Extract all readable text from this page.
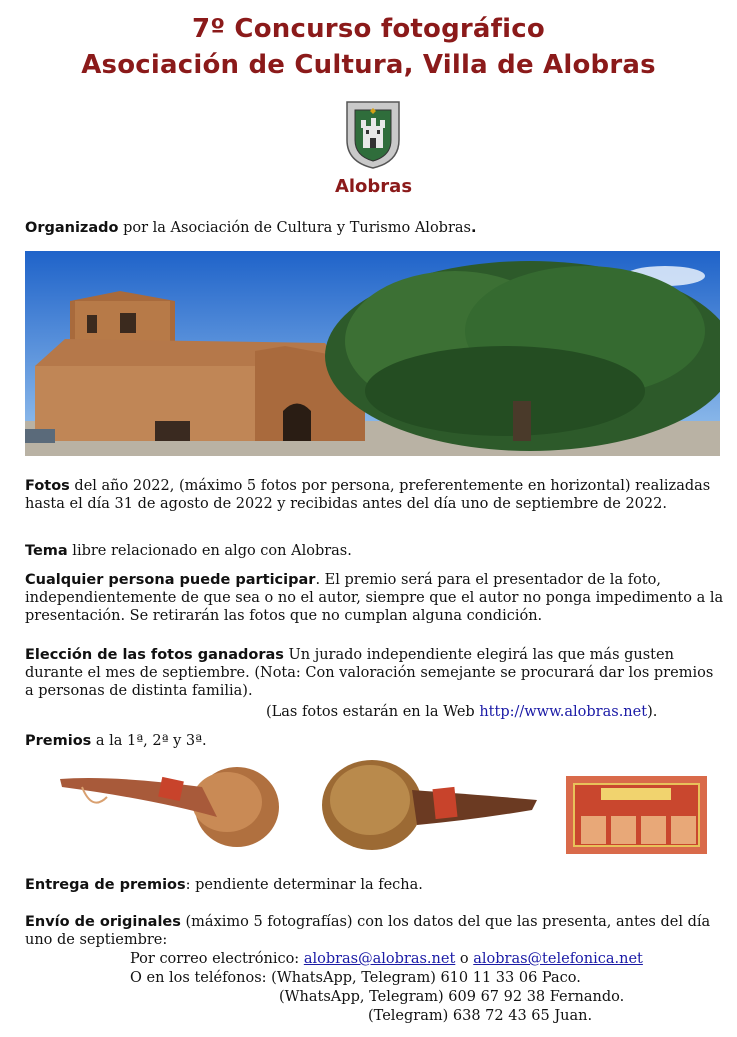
7º Concurso fotográfico
Asociación de Cultura, Villa de Alobras
Alobras
Organizado por la Asociación de Cultura y Turismo Alobras.
Fotos del año 2022, (máximo 5 fotos por persona, preferentemente en horizontal) realizadas hasta el día 31 de agosto de 2022 y recibidas antes del día uno de septiembre de 2022.
Tema libre relacionado en algo con Alobras.
Cualquier persona puede participar. El premio será para el presentador de la foto, independientemente de que sea o no el autor, siempre que el autor no ponga impedimento a la presentación. Se retirarán las fotos que no cumplan alguna condición.
Elección de las fotos ganadoras Un jurado independiente elegirá las que más gusten durante el mes de septiembre. (Nota: Con valoración semejante se procurará dar los premios a personas de distinta familia).
(Las fotos estarán en la Web http://www.alobras.net).
Premios a la 1ª, 2ª y 3ª.
Entrega de premios: pendiente determinar la fecha.
Envío de originales (máximo 5 fotografías) con los datos del que las presenta, antes del día uno de septiembre:
Por correo electrónico: alobras@alobras.net o alobras@telefonica.net
O en los teléfonos: (WhatsApp, Telegram) 610 11 33 06 Paco.
(WhatsApp, Telegram) 609 67 92 38 Fernando.
(Telegram) 638 72 43 65 Juan.
